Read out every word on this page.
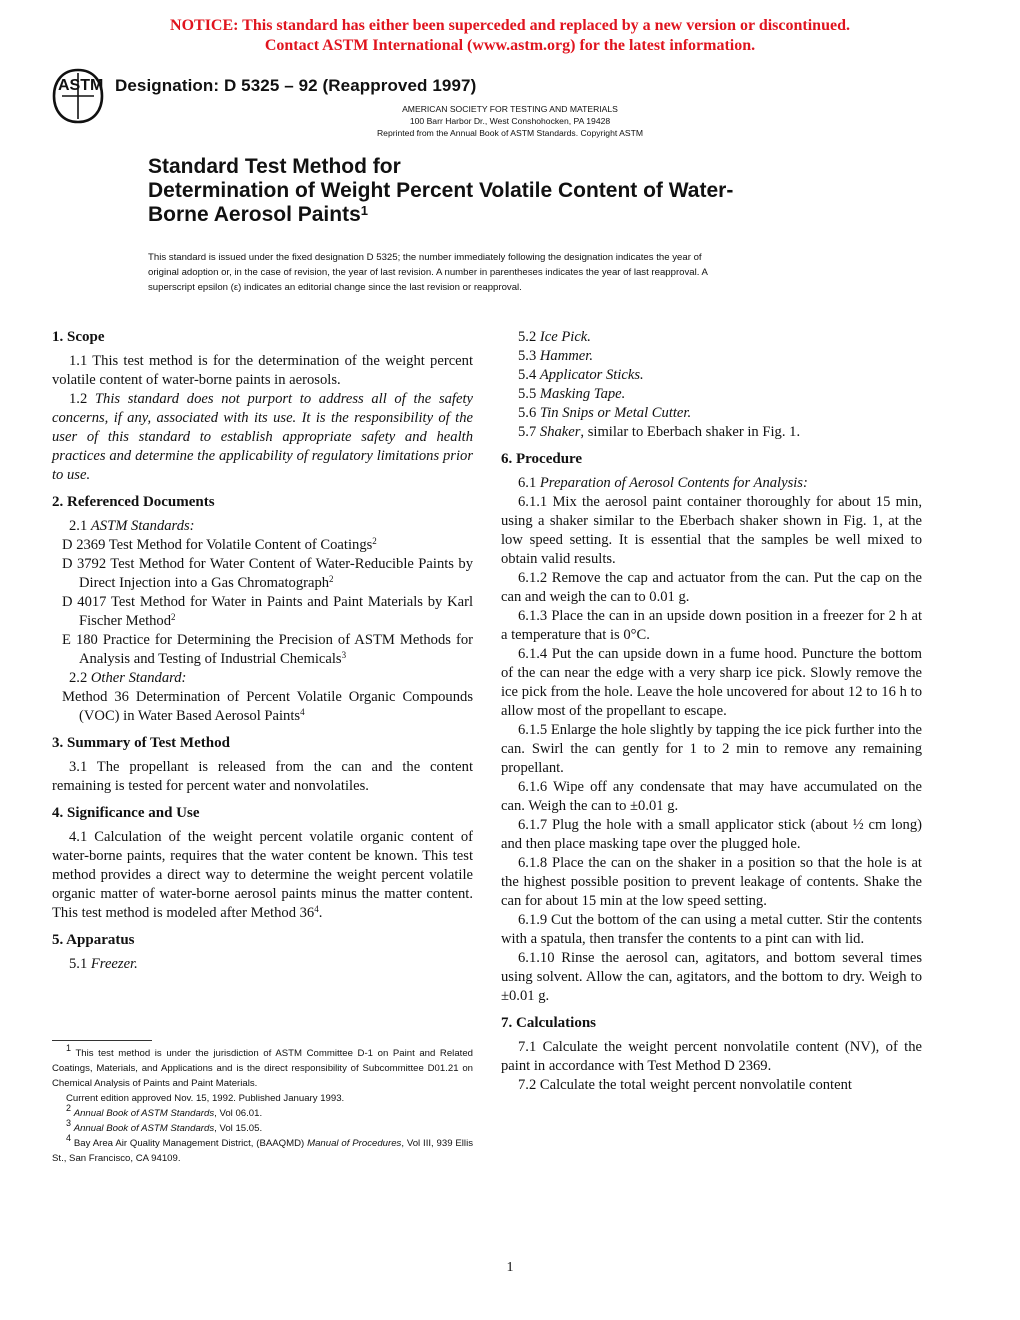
NOTICE: This standard has either been superceded and replaced by a new version or discontinued.
Contact ASTM International (www.astm.org) for the latest information.
ASTM Designation: D 5325 – 92 (Reapproved 1997)
AMERICAN SOCIETY FOR TESTING AND MATERIALS
100 Barr Harbor Dr., West Conshohocken, PA 19428
Reprinted from the Annual Book of ASTM Standards. Copyright ASTM
Standard Test Method for
Determination of Weight Percent Volatile Content of Water-
Borne Aerosol Paints$^1$
This standard is issued under the fixed designation D 5325; the number immediately following the designation indicates the year of
original adoption or, in the case of revision, the year of last revision. A number in parentheses indicates the year of last reapproval. A
superscript epsilon (ε) indicates an editorial change since the last revision or reapproval.

1. Scope

1.1 This test method is for the determination of the weight percent volatile content of water-borne paints in aerosols.

1.2 This standard does not purport to address all of the safety concerns, if any, associated with its use. It is the responsibility of the user of this standard to establish appropriate safety and health practices and determine the applicability of regulatory limitations prior to use.

2. Referenced Documents

2.1 ASTM Standards:

D 2369 Test Method for Volatile Content of Coatings$^2$

D 3792 Test Method for Water Content of Water-Reducible Paints by Direct Injection into a Gas Chromatograph$^2$

D 4017 Test Method for Water in Paints and Paint Materials by Karl Fischer Method$^2$

E 180 Practice for Determining the Precision of ASTM Methods for Analysis and Testing of Industrial Chemicals$^3$

2.2 Other Standard:

Method 36 Determination of Percent Volatile Organic Compounds (VOC) in Water Based Aerosol Paints$^4$

3. Summary of Test Method

3.1 The propellant is released from the can and the content remaining is tested for percent water and nonvolatiles.

4. Significance and Use

4.1 Calculation of the weight percent volatile organic content of water-borne paints, requires that the water content be known. This test method provides a direct way to determine the weight percent volatile organic matter of water-borne aerosol paints minus the matter content. This test method is modeled after Method 36$^4$.

5. Apparatus

5.1 Freezer.

$^1$ This test method is under the jurisdiction of ASTM Committee D-1 on Paint and Related Coatings, Materials, and Applications and is the direct responsibility of Subcommittee D01.21 on Chemical Analysis of Paints and Paint Materials.
Current edition approved Nov. 15, 1992. Published January 1993.
$^2$ Annual Book of ASTM Standards, Vol 06.01.
$^3$ Annual Book of ASTM Standards, Vol 15.05.
$^4$ Bay Area Air Quality Management District, (BAAQMD) Manual of Procedures, Vol III, 939 Ellis St., San Francisco, CA 94109.

5.2 Ice Pick.

5.3 Hammer.

5.4 Applicator Sticks.

5.5 Masking Tape.

5.6 Tin Snips or Metal Cutter.

5.7 Shaker, similar to Eberbach shaker in Fig. 1.

6. Procedure

6.1 Preparation of Aerosol Contents for Analysis:

6.1.1 Mix the aerosol paint container thoroughly for about 15 min, using a shaker similar to the Eberbach shaker shown in Fig. 1, at the low speed setting. It is essential that the samples be well mixed to obtain valid results.

6.1.2 Remove the cap and actuator from the can. Put the cap on the can and weigh the can to 0.01 g.

6.1.3 Place the can in an upside down position in a freezer for 2 h at a temperature that is 0°C.

6.1.4 Put the can upside down in a fume hood. Puncture the bottom of the can near the edge with a very sharp ice pick. Slowly remove the ice pick from the hole. Leave the hole uncovered for about 12 to 16 h to allow most of the propellant to escape.

6.1.5 Enlarge the hole slightly by tapping the ice pick further into the can. Swirl the can gently for 1 to 2 min to remove any remaining propellant.

6.1.6 Wipe off any condensate that may have accumulated on the can. Weigh the can to ±0.01 g.

6.1.7 Plug the hole with a small applicator stick (about ½ cm long) and then place masking tape over the plugged hole.

6.1.8 Place the can on the shaker in a position so that the hole is at the highest possible position to prevent leakage of contents. Shake the can for about 15 min at the low speed setting.

6.1.9 Cut the bottom of the can using a metal cutter. Stir the contents with a spatula, then transfer the contents to a pint can with lid.

6.1.10 Rinse the aerosol can, agitators, and bottom several times using solvent. Allow the can, agitators, and the bottom to dry. Weigh to ±0.01 g.

7. Calculations

7.1 Calculate the weight percent nonvolatile content (NV), of the paint in accordance with Test Method D 2369.

7.2 Calculate the total weight percent nonvolatile content

1
